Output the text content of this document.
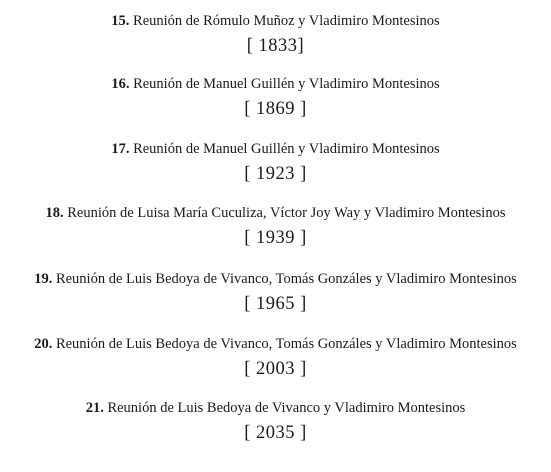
15. Reunión de Rómulo Muñoz y Vladimiro Montesinos
[ 1833]
16. Reunión de Manuel Guillén y Vladimiro Montesinos
[ 1869 ]
17. Reunión de Manuel Guillén y Vladimiro Montesinos
[ 1923 ]
18. Reunión de Luisa María Cuculiza, Víctor Joy Way y Vladimiro Montesinos
[ 1939 ]
19. Reunión de Luis Bedoya de Vivanco, Tomás Gonzáles y Vladimiro Montesinos
[ 1965 ]
20. Reunión de Luis Bedoya de Vivanco, Tomás Gonzáles y Vladimiro Montesinos
[ 2003 ]
21. Reunión de Luis Bedoya de Vivanco y Vladimiro Montesinos
[ 2035 ]
